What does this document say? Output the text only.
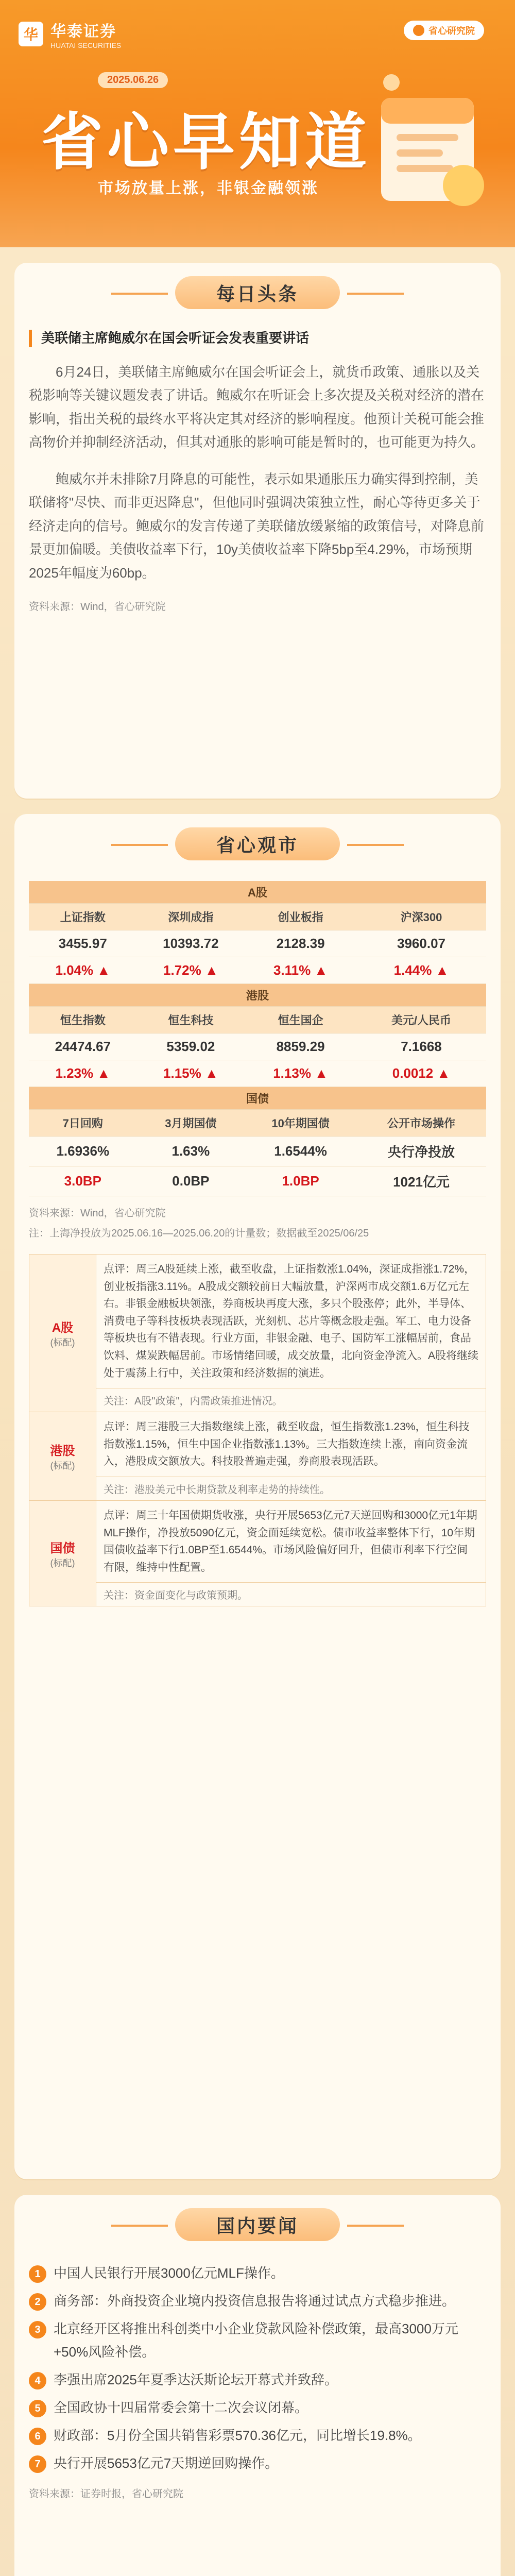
华 华泰证券
HUATAI SECURITIES
省心研究院
2025.06.26
省心早知道
市场放量上涨，非银金融领涨
每日头条
美联储主席鲍威尔在国会听证会发表重要讲话

6月24日，美联储主席鲍威尔在国会听证会上，就货币政策、通胀以及关税影响等关键议题发表了讲话。鲍威尔在听证会上多次提及关税对经济的潜在影响，指出关税的最终水平将决定其对经济的影响程度。他预计关税可能会推高物价并抑制经济活动，但其对通胀的影响可能是暂时的，也可能更为持久。

鲍威尔并未排除7月降息的可能性，表示如果通胀压力确实得到控制，美联储将"尽快、而非更迟降息"，但他同时强调决策独立性，耐心等待更多关于经济走向的信号。鲍威尔的发言传递了美联储放缓紧缩的政策信号，对降息前景更加偏暖。美债收益率下行，10y美债收益率下降5bp至4.29%，市场预期2025年幅度为60bp。

资料来源：Wind，省心研究院

省心观市
A股			
上证指数	深圳成指	创业板指	沪深300
3455.97	10393.72	2128.39	3960.07
1.04% ▲	1.72% ▲	3.11% ▲	1.44% ▲
港股			
恒生指数	恒生科技	恒生国企	美元/人民币
24474.67	5359.02	8859.29	7.1668
1.23% ▲	1.15% ▲	1.13% ▲	0.0012 ▲
国债			
7日回购	3月期国债	10年期国债	公开市场操作
1.6936%	1.63%	1.6544%	央行净投放
3.0BP	0.0BP	1.0BP	1021亿元

资料来源：Wind，省心研究院

注：上海净投放为2025.06.16—2025.06.20的计量数；数据截至2025/06/25

A股
(标配)	点评：周三A股延续上涨，截至收盘，上证指数涨1.04%，深证成指涨1.72%，创业板指涨3.11%。A股成交额较前日大幅放量，沪深两市成交额1.6万亿元左右。非银金融板块领涨，券商板块再度大涨，多只个股涨停；此外，半导体、消费电子等科技板块表现活跃，光刻机、芯片等概念股走强。军工、电力设备等板块也有不错表现。行业方面，非银金融、电子、国防军工涨幅居前，食品饮料、煤炭跌幅居前。市场情绪回暖，成交放量，北向资金净流入。A股将继续处于震荡上行中，关注政策和经济数据的演进。
	关注：A股"政策"，内需政策推进情况。
港股
(标配)	点评：周三港股三大指数继续上涨，截至收盘，恒生指数涨1.23%，恒生科技指数涨1.15%，恒生中国企业指数涨1.13%。三大指数连续上涨，南向资金流入，港股成交额放大。科技股普遍走强，券商股表现活跃。
	关注：港股美元中长期贷款及利率走势的持续性。
国债
(标配)	点评：周三十年国债期货收涨，央行开展5653亿元7天逆回购和3000亿元1年期MLF操作，净投放5090亿元，资金面延续宽松。债市收益率整体下行，10年期国债收益率下行1.0BP至1.6544%。市场风险偏好回升，但债市利率下行空间有限，维持中性配置。
	关注：资金面变化与政策预期。
国内要闻
1 中国人民银行开展3000亿元MLF操作。
2 商务部：外商投资企业境内投资信息报告将通过试点方式稳步推进。
3 北京经开区将推出科创类中小企业贷款风险补偿政策，最高3000万元+50%风险补偿。
4 李强出席2025年夏季达沃斯论坛开幕式并致辞。
5 全国政协十四届常委会第十二次会议闭幕。
6 财政部：5月份全国共销售彩票570.36亿元，同比增长19.8%。
7 央行开展5653亿元7天期逆回购操作。

资料来源：证券时报，省心研究院
